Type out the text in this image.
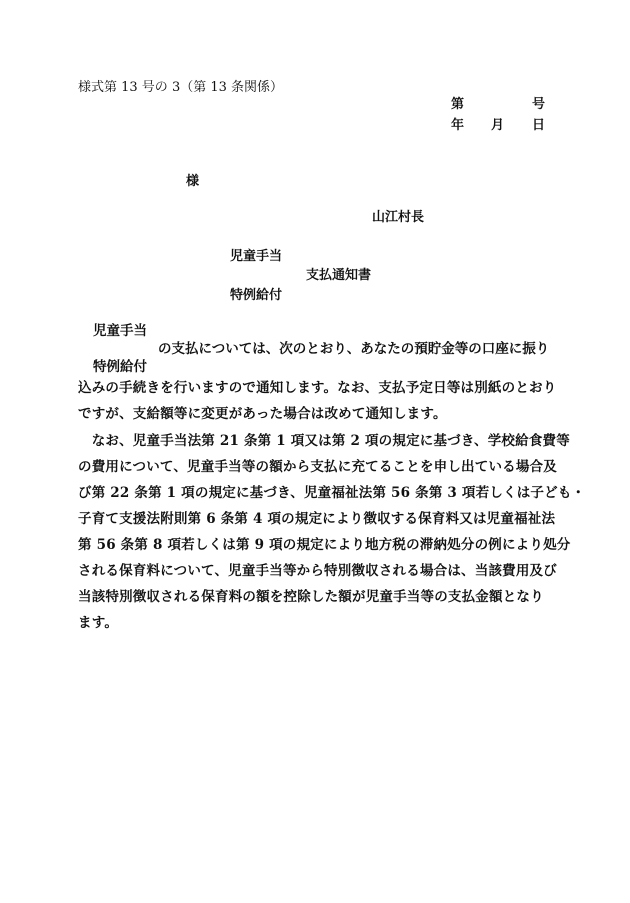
様式第 13 号の 3（第 13 条関係）
第	号
年 月 日
様
山江村長
児童手当
支払通知書
特例給付
児童手当
の支払については、次のとおり、あなたの預貯金等の口座に振り
特例給付
込みの手続きを行いますので通知します。なお、支払予定日等は別紙のとおり
ですが、支給額等に変更があった場合は改めて通知します。
　なお、児童手当法第 21 条第 1 項又は第 2 項の規定に基づき、学校給食費等
の費用について、児童手当等の額から支払に充てることを申し出ている場合及
び第 22 条第 1 項の規定に基づき、児童福祉法第 56 条第 3 項若しくは子ども・
子育て支援法附則第 6 条第 4 項の規定により徴収する保育料又は児童福祉法
第 56 条第 8 項若しくは第 9 項の規定により地方税の滞納処分の例により処分
される保育料について、児童手当等から特別徴収される場合は、当該費用及び
当該特別徴収される保育料の額を控除した額が児童手当等の支払金額となり
ます。
